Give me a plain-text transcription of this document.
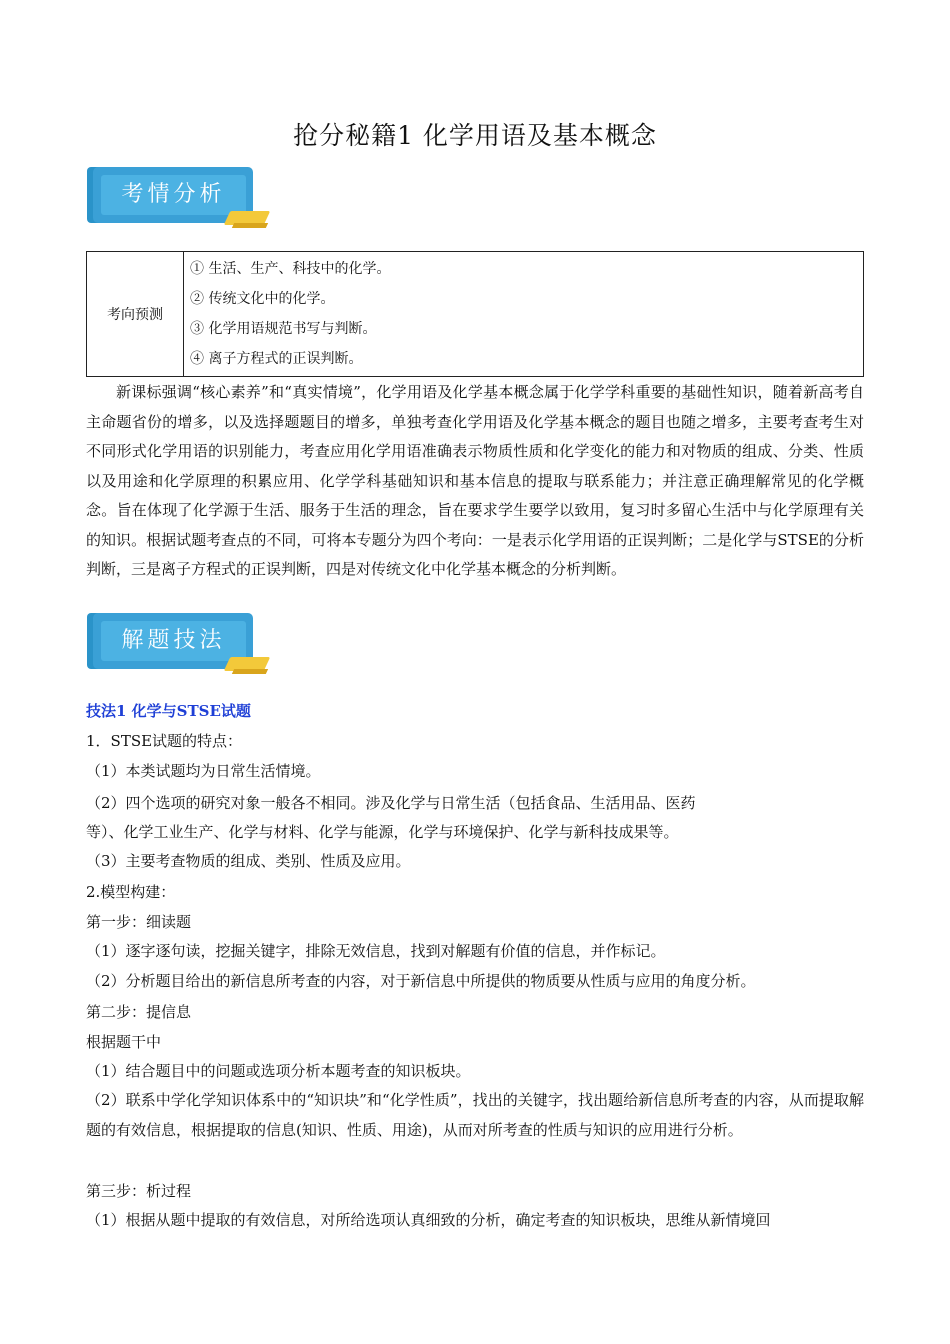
抢分秘籍1 化学用语及基本概念
考情分析
考向预测	
① 生活、生产、科技中的化学。
② 传统文化中的化学。
③ 化学用语规范书写与判断。
④ 离子方程式的正误判断。
新课标强调“核心素养”和“真实情境”，化学用语及化学基本概念属于化学学科重要的基础性知识，随着新高考自主命题省份的增多，以及选择题题目的增多，单独考查化学用语及化学基本概念的题目也随之增多，主要考查考生对不同形式化学用语的识别能力，考查应用化学用语准确表示物质性质和化学变化的能力和对物质的组成、分类、性质以及用途和化学原理的积累应用、化学学科基础知识和基本信息的提取与联系能力；并注意正确理解常见的化学概念。旨在体现了化学源于生活、服务于生活的理念，旨在要求学生要学以致用，复习时多留心生活中与化学原理有关的知识。根据试题考查点的不同，可将本专题分为四个考向：一是表示化学用语的正误判断；二是化学与STSE的分析判断，三是离子方程式的正误判断，四是对传统文化中化学基本概念的分析判断。
解题技法
技法1 化学与STSE试题
1．STSE试题的特点：
（1）本类试题均为日常生活情境。
（2）四个选项的研究对象一般各不相同。涉及化学与日常生活（包括食品、生活用品、医药
等）、化学工业生产、化学与材料、化学与能源，化学与环境保护、化学与新科技成果等。
（3）主要考查物质的组成、类别、性质及应用。
2.模型构建：
第一步：细读题
（1）逐字逐句读，挖掘关键字，排除无效信息，找到对解题有价值的信息，并作标记。
（2）分析题目给出的新信息所考查的内容，对于新信息中所提供的物质要从性质与应用的角度分析。
第二步：提信息
根据题干中
（1）结合题目中的问题或选项分析本题考查的知识板块。
（2）联系中学化学知识体系中的“知识块”和“化学性质”，找出的关键字，找出题给新信息所考查的内容，从而提取解题的有效信息，根据提取的信息(知识、性质、用途)，从而对所考查的性质与知识的应用进行分析。
第三步：析过程
（1）根据从题中提取的有效信息，对所给选项认真细致的分析，确定考查的知识板块，思维从新情境回
